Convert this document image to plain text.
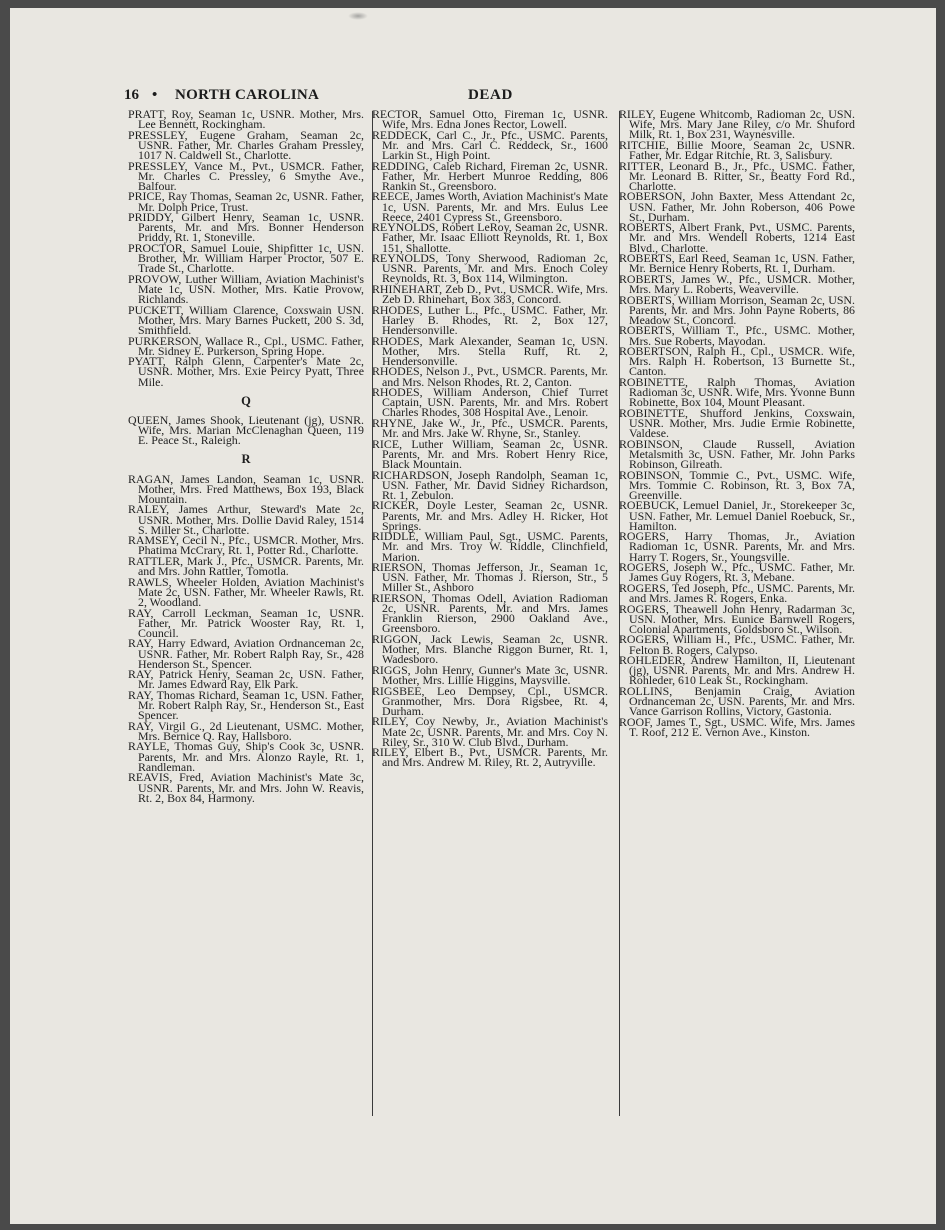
16 • NORTH CAROLINA	DEAD
PRATT, Roy, Seaman 1c, USNR. Mother, Mrs. Lee Bennett, Rockingham.
PRESSLEY, Eugene Graham, Seaman 2c, USNR. Father, Mr. Charles Graham Pressley, 1017 N. Caldwell St., Charlotte.
PRESSLEY, Vance M., Pvt., USMCR. Father, Mr. Charles C. Pressley, 6 Smythe Ave., Balfour.
PRICE, Ray Thomas, Seaman 2c, USNR. Father, Mr. Dolph Price, Trust.
PRIDDY, Gilbert Henry, Seaman 1c, USNR. Parents, Mr. and Mrs. Bonner Henderson Priddy, Rt. 1, Stoneville.
PROCTOR, Samuel Louie, Shipfitter 1c, USN. Brother, Mr. William Harper Proctor, 507 E. Trade St., Charlotte.
PROVOW, Luther William, Aviation Machinist's Mate 1c, USN. Mother, Mrs. Katie Provow, Richlands.
PUCKETT, William Clarence, Coxswain USN. Mother, Mrs. Mary Barnes Puckett, 200 S. 3d, Smithfield.
PURKERSON, Wallace R., Cpl., USMC. Father, Mr. Sidney E. Purkerson, Spring Hope.
PYATT, Ralph Glenn, Carpenter's Mate 2c, USNR. Mother, Mrs. Exie Peircy Pyatt, Three Mile.
Q
QUEEN, James Shook, Lieutenant (jg), USNR. Wife, Mrs. Marian McClenaghan Queen, 119 E. Peace St., Raleigh.
R
RAGAN, James Landon, Seaman 1c, USNR. Mother, Mrs. Fred Matthews, Box 193, Black Mountain.
RALEY, James Arthur, Steward's Mate 2c, USNR. Mother, Mrs. Dollie David Raley, 1514 S. Miller St., Charlotte.
RAMSEY, Cecil N., Pfc., USMCR. Mother, Mrs. Phatima McCrary, Rt. 1, Potter Rd., Charlotte.
RATTLER, Mark J., Pfc., USMCR. Parents, Mr. and Mrs. John Rattler, Tomotla.
RAWLS, Wheeler Holden, Aviation Machinist's Mate 2c, USN. Father, Mr. Wheeler Rawls, Rt. 2, Woodland.
RAY, Carroll Leckman, Seaman 1c, USNR. Father, Mr. Patrick Wooster Ray, Rt. 1, Council.
RAY, Harry Edward, Aviation Ordnanceman 2c, USNR. Father, Mr. Robert Ralph Ray, Sr., 428 Henderson St., Spencer.
RAY, Patrick Henry, Seaman 2c, USN. Father, Mr. James Edward Ray, Elk Park.
RAY, Thomas Richard, Seaman 1c, USN. Father, Mr. Robert Ralph Ray, Sr., Henderson St., East Spencer.
RAY, Virgil G., 2d Lieutenant, USMC. Mother, Mrs. Bernice Q. Ray, Hallsboro.
RAYLE, Thomas Guy, Ship's Cook 3c, USNR. Parents, Mr. and Mrs. Alonzo Rayle, Rt. 1, Randleman.
REAVIS, Fred, Aviation Machinist's Mate 3c, USNR. Parents, Mr. and Mrs. John W. Reavis, Rt. 2, Box 84, Harmony.
RECTOR, Samuel Otto, Fireman 1c, USNR. Wife, Mrs. Edna Jones Rector, Lowell.
REDDECK, Carl C., Jr., Pfc., USMC. Parents, Mr. and Mrs. Carl C. Reddeck, Sr., 1600 Larkin St., High Point.
REDDING, Caleb Richard, Fireman 2c, USNR. Father, Mr. Herbert Munroe Redding, 806 Rankin St., Greensboro.
REECE, James Worth, Aviation Machinist's Mate 1c, USN. Parents, Mr. and Mrs. Eulus Lee Reece, 2401 Cypress St., Greensboro.
REYNOLDS, Robert LeRoy, Seaman 2c, USNR. Father, Mr. Isaac Elliott Reynolds, Rt. 1, Box 151, Shallotte.
REYNOLDS, Tony Sherwood, Radioman 2c, USNR. Parents, Mr. and Mrs. Enoch Coley Reynolds, Rt. 3, Box 114, Wilmington.
RHINEHART, Zeb D., Pvt., USMCR. Wife, Mrs. Zeb D. Rhinehart, Box 383, Concord.
RHODES, Luther L., Pfc., USMC. Father, Mr. Harley B. Rhodes, Rt. 2, Box 127, Hendersonville.
RHODES, Mark Alexander, Seaman 1c, USN. Mother, Mrs. Stella Ruff, Rt. 2, Hendersonville.
RHODES, Nelson J., Pvt., USMCR. Parents, Mr. and Mrs. Nelson Rhodes, Rt. 2, Canton.
RHODES, William Anderson, Chief Turret Captain, USN. Parents, Mr. and Mrs. Robert Charles Rhodes, 308 Hospital Ave., Lenoir.
RHYNE, Jake W., Jr., Pfc., USMCR. Parents, Mr. and Mrs. Jake W. Rhyne, Sr., Stanley.
RICE, Luther William, Seaman 2c, USNR. Parents, Mr. and Mrs. Robert Henry Rice, Black Mountain.
RICHARDSON, Joseph Randolph, Seaman 1c, USN. Father, Mr. David Sidney Richardson, Rt. 1, Zebulon.
RICKER, Doyle Lester, Seaman 2c, USNR. Parents, Mr. and Mrs. Adley H. Ricker, Hot Springs.
RIDDLE, William Paul, Sgt., USMC. Parents, Mr. and Mrs. Troy W. Riddle, Clinchfield, Marion.
RIERSON, Thomas Jefferson, Jr., Seaman 1c, USN. Father, Mr. Thomas J. Rierson, Str., 5 Miller St., Ashboro
RIERSON, Thomas Odell, Aviation Radioman 2c, USNR. Parents, Mr. and Mrs. James Franklin Rierson, 2900 Oakland Ave., Greensboro.
RIGGON, Jack Lewis, Seaman 2c, USNR. Mother, Mrs. Blanche Riggon Burner, Rt. 1, Wadesboro.
RIGGS, John Henry, Gunner's Mate 3c, USNR. Mother, Mrs. Lillie Higgins, Maysville.
RIGSBEE, Leo Dempsey, Cpl., USMCR. Granmother, Mrs. Dora Rigsbee, Rt. 4, Durham.
RILEY, Coy Newby, Jr., Aviation Machinist's Mate 2c, USNR. Parents, Mr. and Mrs. Coy N. Riley, Sr., 310 W. Club Blvd., Durham.
RILEY, Elbert B., Pvt., USMCR. Parents, Mr. and Mrs. Andrew M. Riley, Rt. 2, Autryville.
RILEY, Eugene Whitcomb, Radioman 2c, USN. Wife, Mrs. Mary Jane Riley, c/o Mr. Shuford Milk, Rt. 1, Box 231, Waynesville.
RITCHIE, Billie Moore, Seaman 2c, USNR. Father, Mr. Edgar Ritchie, Rt. 3, Salisbury.
RITTER, Leonard B., Jr., Pfc., USMC. Father, Mr. Leonard B. Ritter, Sr., Beatty Ford Rd., Charlotte.
ROBERSON, John Baxter, Mess Attendant 2c, USN. Father, Mr. John Roberson, 406 Powe St., Durham.
ROBERTS, Albert Frank, Pvt., USMC. Parents, Mr. and Mrs. Wendell Roberts, 1214 East Blvd., Charlotte.
ROBERTS, Earl Reed, Seaman 1c, USN. Father, Mr. Bernice Henry Roberts, Rt. 1, Durham.
ROBERTS, James W., Pfc., USMCR. Mother, Mrs. Mary L. Roberts, Weaverville.
ROBERTS, William Morrison, Seaman 2c, USN. Parents, Mr. and Mrs. John Payne Roberts, 86 Meadow St., Concord.
ROBERTS, William T., Pfc., USMC. Mother, Mrs. Sue Roberts, Mayodan.
ROBERTSON, Ralph H., Cpl., USMCR. Wife, Mrs. Ralph H. Robertson, 13 Burnette St., Canton.
ROBINETTE, Ralph Thomas, Aviation Radioman 3c, USNR. Wife, Mrs. Yvonne Bunn Robinette, Box 104, Mount Pleasant.
ROBINETTE, Shufford Jenkins, Coxswain, USNR. Mother, Mrs. Judie Ermie Robinette, Valdese.
ROBINSON, Claude Russell, Aviation Metalsmith 3c, USN. Father, Mr. John Parks Robinson, Gilreath.
ROBINSON, Tommie C., Pvt., USMC. Wife, Mrs. Tommie C. Robinson, Rt. 3, Box 7A, Greenville.
ROEBUCK, Lemuel Daniel, Jr., Storekeeper 3c, USN. Father, Mr. Lemuel Daniel Roebuck, Sr., Hamilton.
ROGERS, Harry Thomas, Jr., Aviation Radioman 1c, USNR. Parents, Mr. and Mrs. Harry T. Rogers, Sr., Youngsville.
ROGERS, Joseph W., Pfc., USMC. Father, Mr. James Guy Rogers, Rt. 3, Mebane.
ROGERS, Ted Joseph, Pfc., USMC. Parents, Mr. and Mrs. James R. Rogers, Enka.
ROGERS, Theawell John Henry, Radarman 3c, USN. Mother, Mrs. Eunice Barnwell Rogers, Colonial Apartments, Goldsboro St., Wilson.
ROGERS, William H., Pfc., USMC. Father, Mr. Felton B. Rogers, Calypso.
ROHLEDER, Andrew Hamilton, II, Lieutenant (jg), USNR. Parents, Mr. and Mrs. Andrew H. Rohleder, 610 Leak St., Rockingham.
ROLLINS, Benjamin Craig, Aviation Ordnanceman 2c, USN. Parents, Mr. and Mrs. Vance Garrison Rollins, Victory, Gastonia.
ROOF, James T., Sgt., USMC. Wife, Mrs. James T. Roof, 212 E. Vernon Ave., Kinston.
